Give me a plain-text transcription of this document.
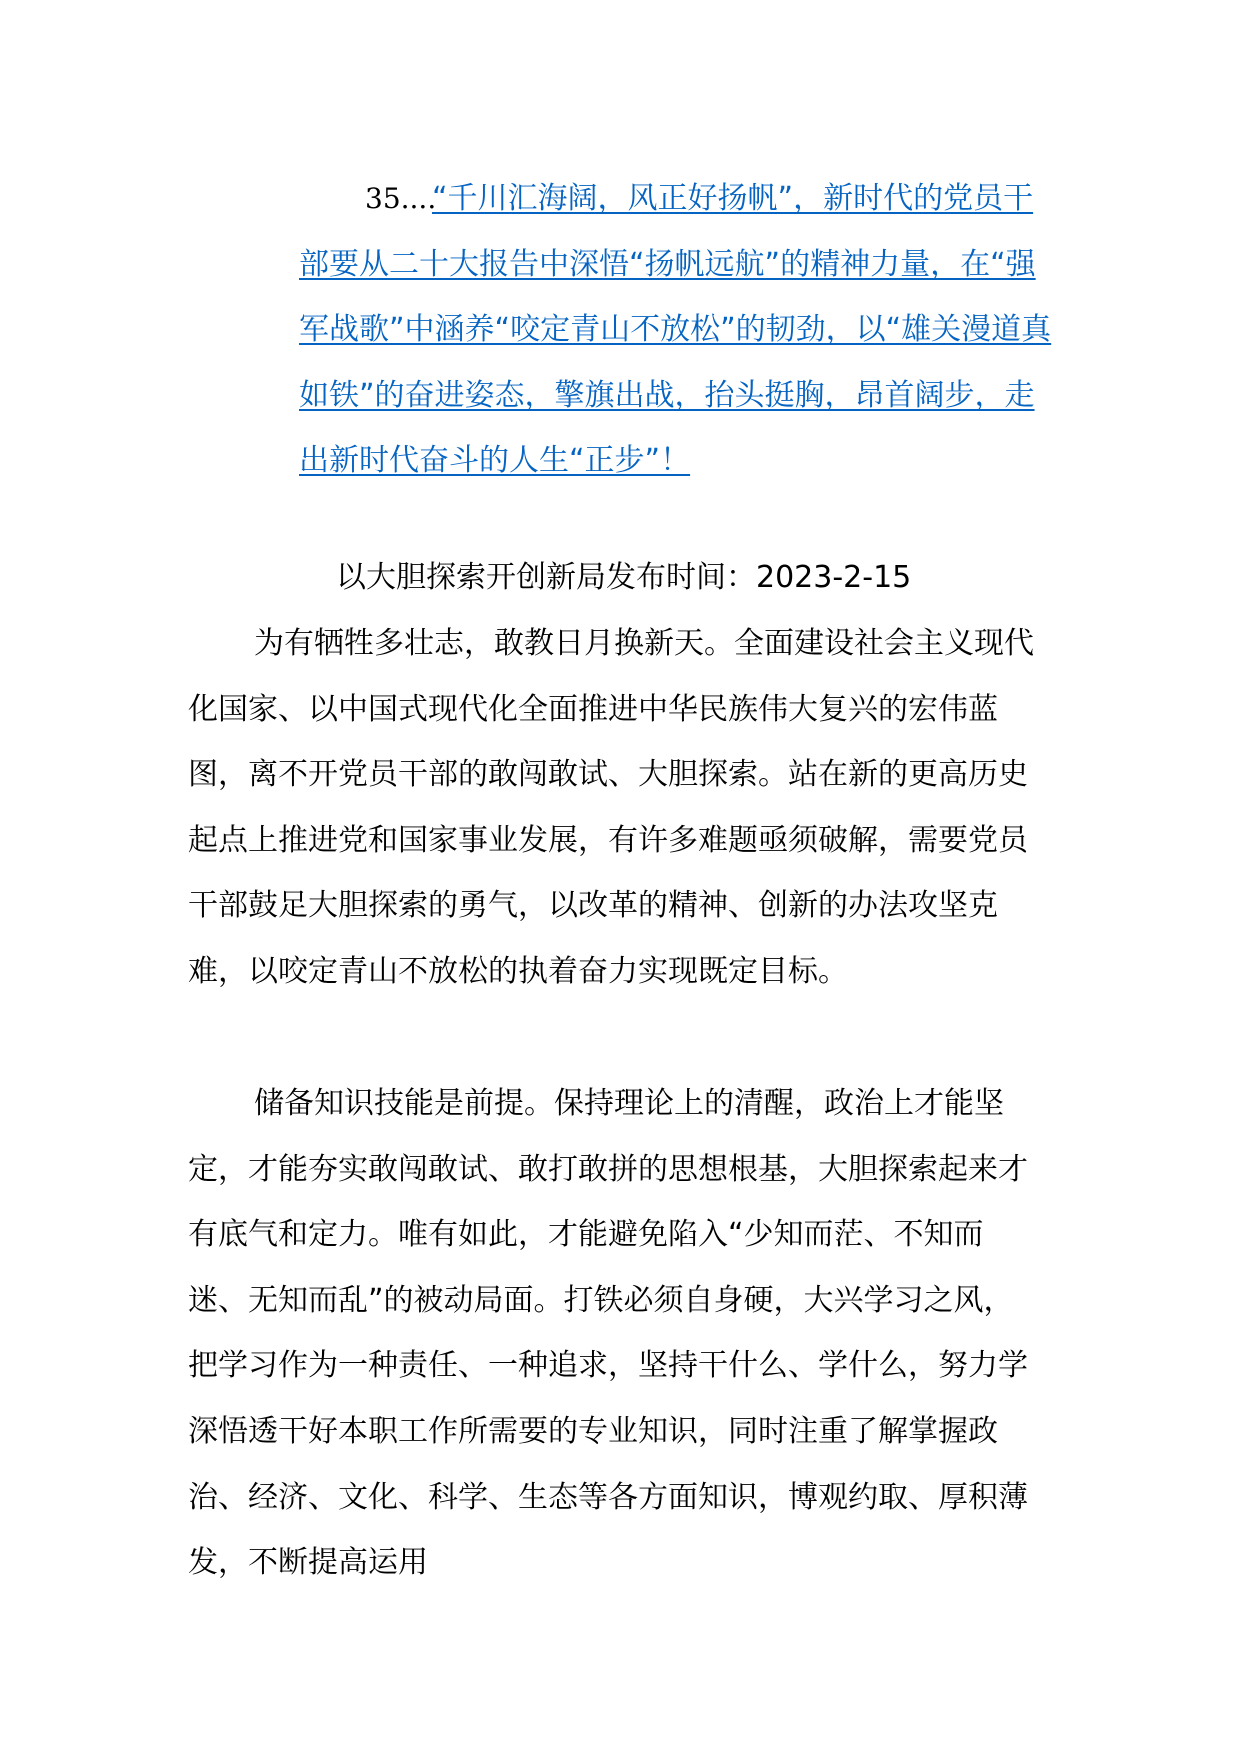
35....
“千川汇海阔，风正好扬帆”，新时代的党员干部要从二十大报告中深悟“扬帆远航”的精神力量，在“强军战歌”中涵养“咬定青山不放松”的韧劲，以“雄关漫道真如铁”的奋进姿态，擎旗出战，抬头挺胸，昂首阔步，走出新时代奋斗的人生“正步”！
以大胆探索开创新局发布时间：2023-2-15

为有牺牲多壮志，敢教日月换新天。全面建设社会主义现代化国家、以中国式现代化全面推进中华民族伟大复兴的宏伟蓝图，离不开党员干部的敢闯敢试、大胆探索。站在新的更高历史起点上推进党和国家事业发展，有许多难题亟须破解，需要党员干部鼓足大胆探索的勇气，以改革的精神、创新的办法攻坚克难，以咬定青山不放松的执着奋力实现既定目标。

储备知识技能是前提。保持理论上的清醒，政治上才能坚定，才能夯实敢闯敢试、敢打敢拼的思想根基，大胆探索起来才有底气和定力。唯有如此，才能避免陷入“少知而茫、不知而迷、无知而乱”的被动局面。打铁必须自身硬，大兴学习之风，把学习作为一种责任、一种追求，坚持干什么、学什么，努力学深悟透干好本职工作所需要的专业知识，同时注重了解掌握政治、经济、文化、科学、生态等各方面知识，博观约取、厚积薄发，不断提高运用
